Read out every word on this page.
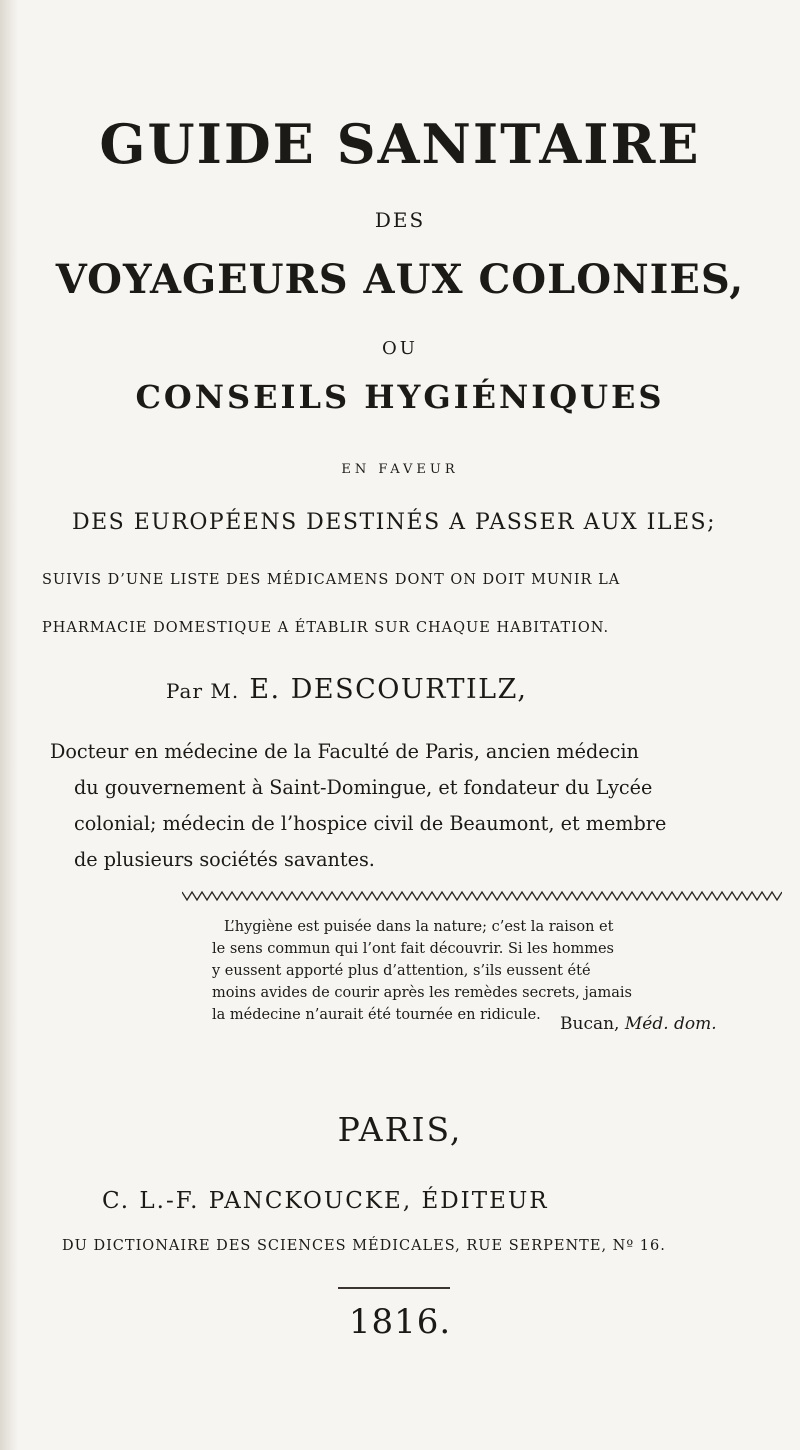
GUIDE SANITAIRE
DES
VOYAGEURS AUX COLONIES,
OU
CONSEILS HYGIÉNIQUES
EN FAVEUR
DES EUROPÉENS DESTINÉS A PASSER AUX ILES;
SUIVIS D’UNE LISTE DES MÉDICAMENS DONT ON DOIT MUNIR LA
PHARMACIE DOMESTIQUE A ÉTABLIR SUR CHAQUE HABITATION.
Par M. E. DESCOURTILZ,

Docteur en médecine de la Faculté de Paris, ancien médecin

du gouvernement à Saint-Domingue, et fondateur du Lycée

colonial; médecin de l’hospice civil de Beaumont, et membre

de plusieurs sociétés savantes.

L’hygiène est puisée dans la nature; c’est la raison et

le sens commun qui l’ont fait découvrir. Si les hommes

y eussent apporté plus d’attention, s’ils eussent été

moins avides de courir après les remèdes secrets, jamais

la médecine n’aurait été tournée en ridicule.	Bucan, Méd. dom.
PARIS,
C. L.-F. PANCKOUCKE, ÉDITEUR
DU DICTIONAIRE DES SCIENCES MÉDICALES, RUE SERPENTE, Nº 16.
1816.
